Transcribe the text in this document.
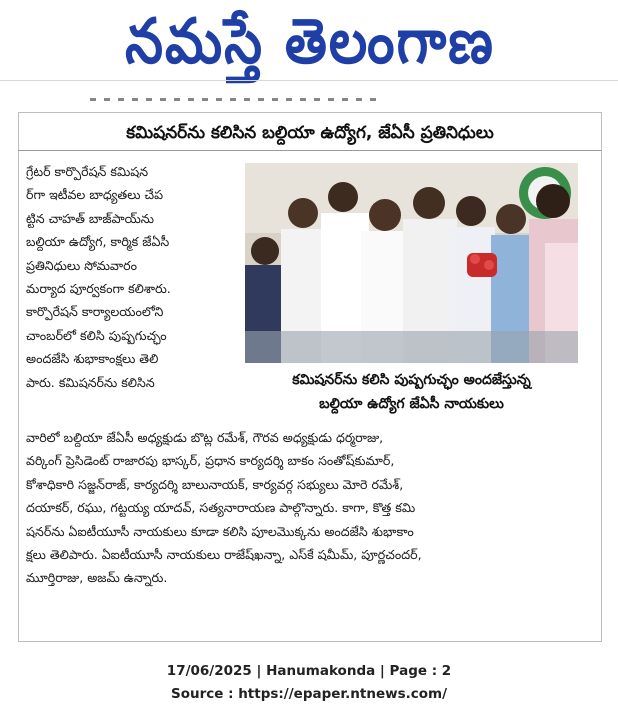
నమస్తే తెలంగాణ
కమిషనర్‌ను కలిసిన బల్దియా ఉద్యోగ, జేఏసీ ప్రతినిధులు

గ్రేటర్ కార్పొరేషన్ కమిషన

ర్‌గా ఇటీవల బాధ్యతలు చేప

ట్టిన చాహత్ బాజ్‌పాయ్‌ను

బల్దియా ఉద్యోగ, కార్మిక జేఏసీ

ప్రతినిధులు సోమవారం

మర్యాద పూర్వకంగా కలిశారు.

కార్పొరేషన్ కార్యాలయంలోని

చాంబర్‌లో కలిసి పుష్పగుచ్ఛం

అందజేసి శుభాకాంక్షలు తెలి

పారు. కమిషనర్‌ను కలిసిన	కమిషనర్‌ను కలిసి పుష్పగుచ్ఛం అందజేస్తున్న
బల్దియా ఉద్యోగ జేఏసీ నాయకులు

వారిలో బల్దియా జేఏసీ అధ్యక్షుడు బొట్ల రమేశ్, గౌరవ అధ్యక్షుడు ధర్మరాజు,

వర్కింగ్ ప్రెసిడెంట్ రాజారపు భాస్కర్, ప్రధాన కార్యదర్శి బాకం సంతోష్‌కుమార్,

కోశాధికారి సజ్జన్‌రాజ్, కార్యదర్శి బాలునాయక్, కార్యవర్గ సభ్యులు మోరె రమేశ్,

దయాకర్, రఘు, గట్టయ్య యాదవ్, సత్యనారాయణ పాల్గొన్నారు. కాగా, కొత్త కమి

షనర్‌ను ఏఐటీయూసీ నాయకులు కూడా కలిసి పూలమొక్కను అందజేసి శుభాకాం

క్షలు తెలిపారు. ఏఐటీయూసీ నాయకులు రాజేష్‌ఖన్నా, ఎస్‌కే షమీమ్, పూర్ణచందర్,

మూర్తిరాజు, అజమ్ ఉన్నారు.

17/06/2025 | Hanumakonda | Page : 2
Source : https://epaper.ntnews.com/
